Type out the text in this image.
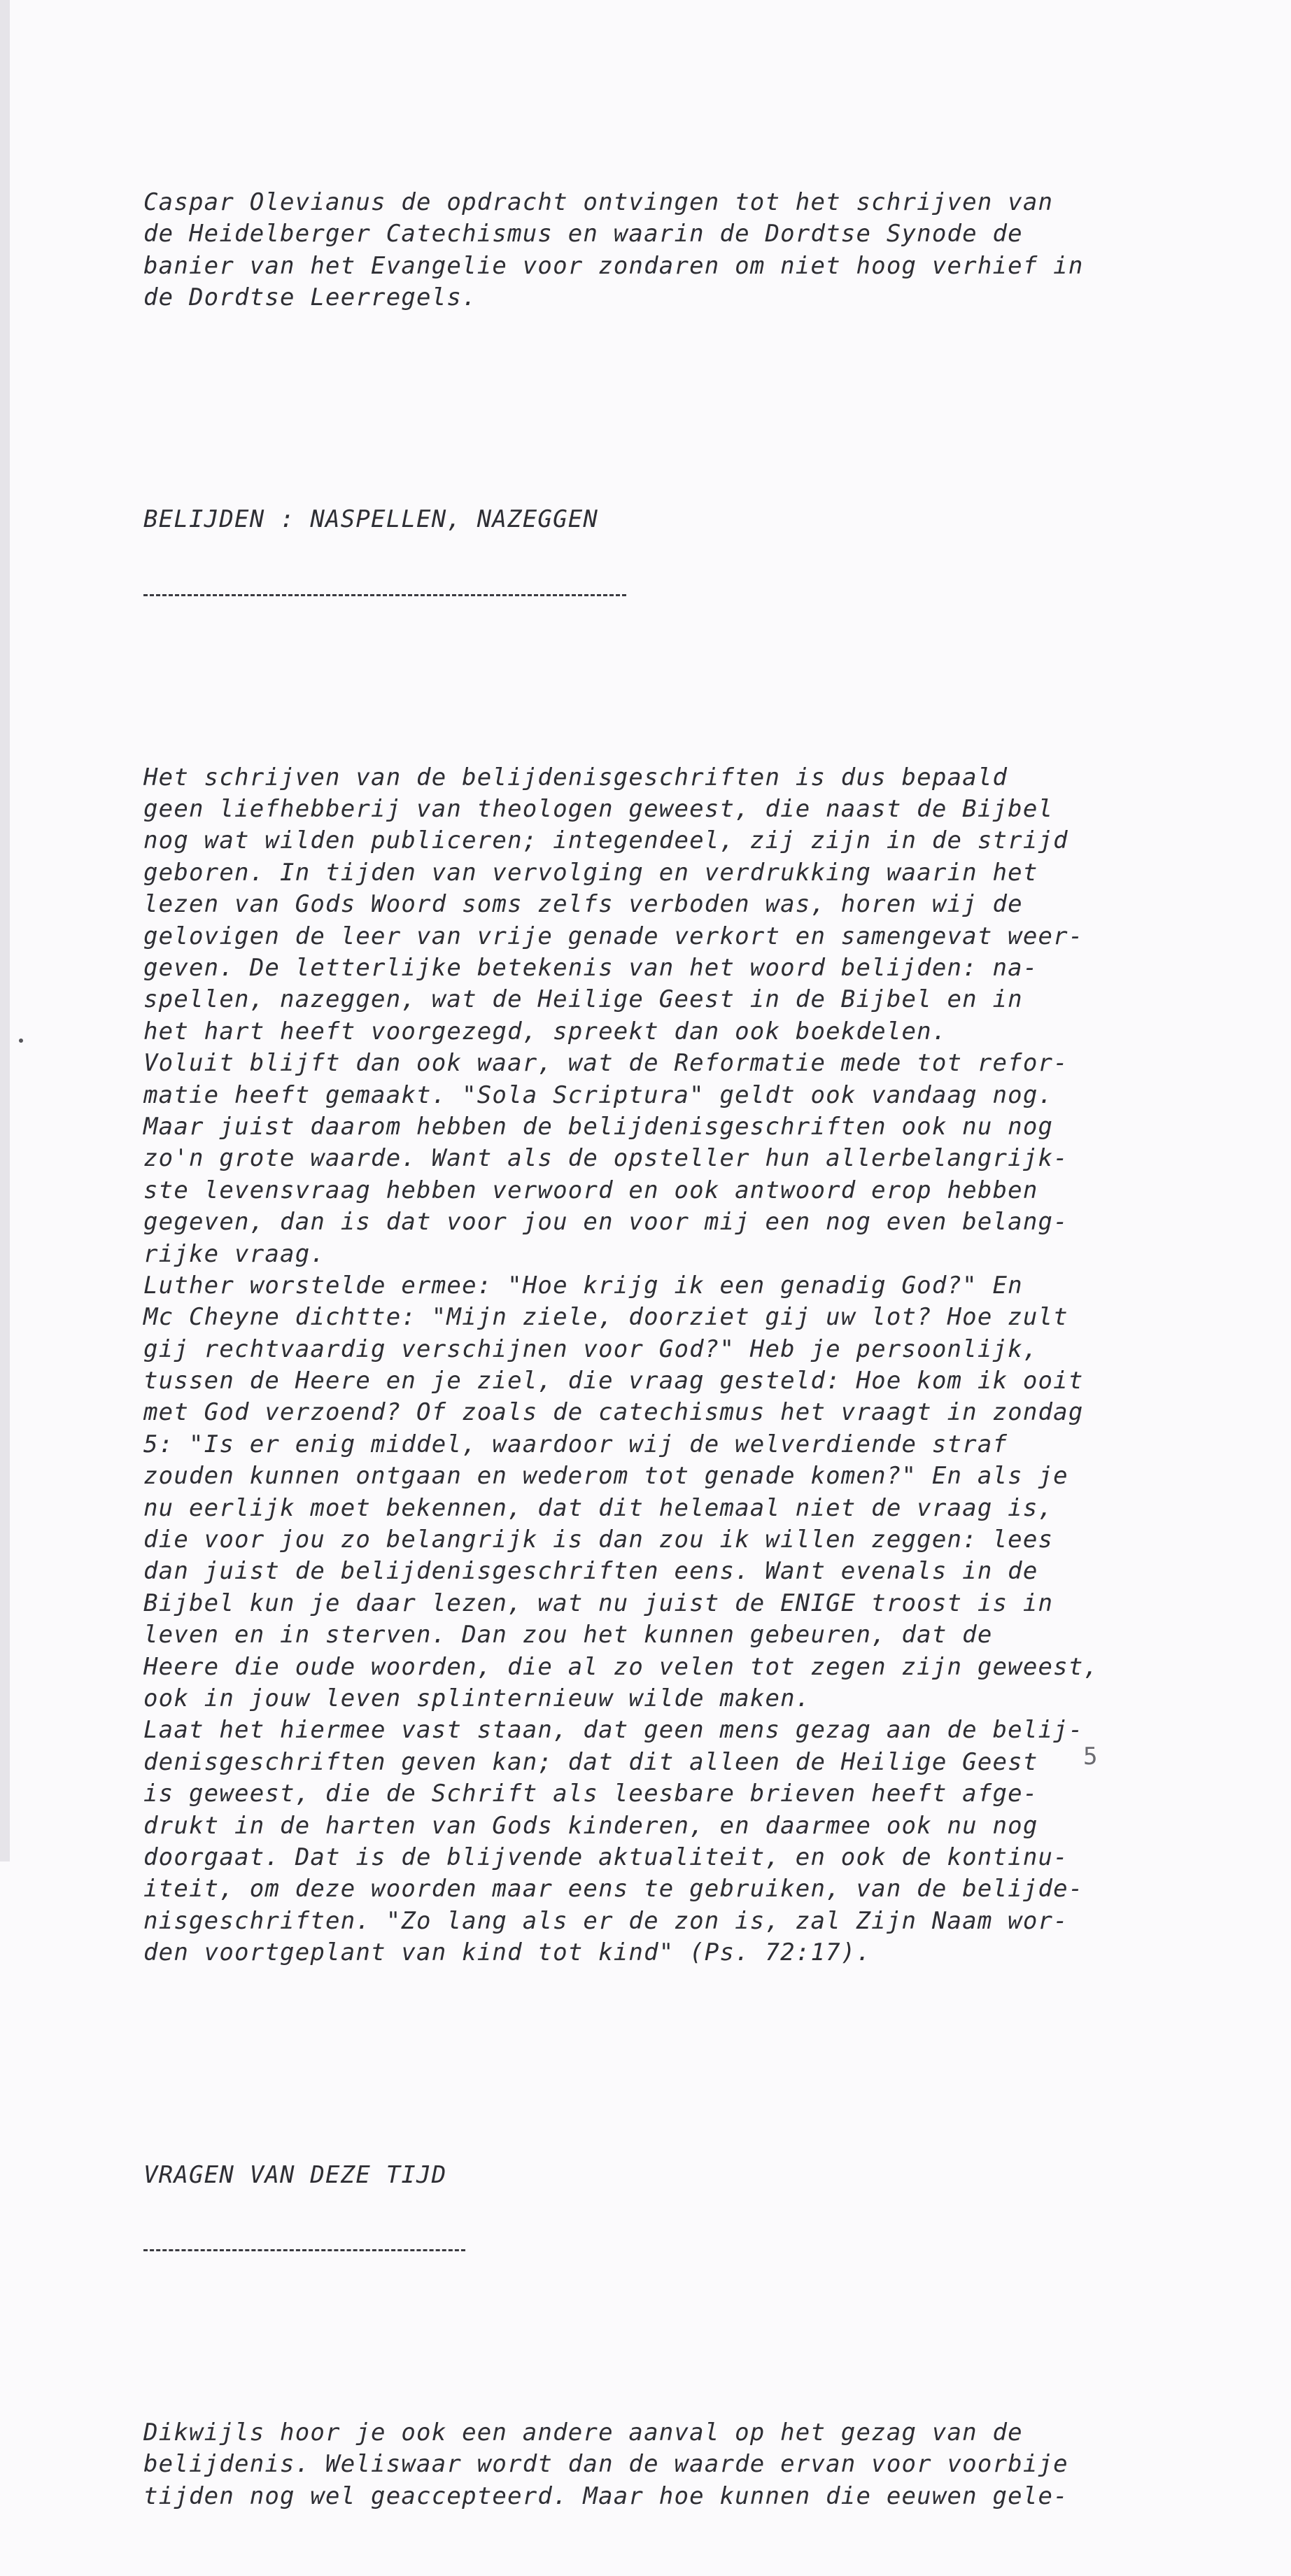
Caspar Olevianus de opdracht ontvingen tot het schrijven van
de Heidelberger Catechismus en waarin de Dordtse Synode de
banier van het Evangelie voor zondaren om niet hoog verhief in
de Dordtse Leerregels.

BELIJDEN : NASPELLEN, NAZEGGEN

Het schrijven van de belijdenisgeschriften is dus bepaald
geen liefhebberij van theologen geweest, die naast de Bijbel
nog wat wilden publiceren; integendeel, zij zijn in de strijd
geboren. In tijden van vervolging en verdrukking waarin het
lezen van Gods Woord soms zelfs verboden was, horen wij de
gelovigen de leer van vrije genade verkort en samengevat weer-
geven. De letterlijke betekenis van het woord belijden: na-
spellen, nazeggen, wat de Heilige Geest in de Bijbel en in
het hart heeft voorgezegd, spreekt dan ook boekdelen.
Voluit blijft dan ook waar, wat de Reformatie mede tot refor-
matie heeft gemaakt. "Sola Scriptura" geldt ook vandaag nog.
Maar juist daarom hebben de belijdenisgeschriften ook nu nog
zo'n grote waarde. Want als de opsteller hun allerbelangrijk-
ste levensvraag hebben verwoord en ook antwoord erop hebben
gegeven, dan is dat voor jou en voor mij een nog even belang-
rijke vraag.
Luther worstelde ermee: "Hoe krijg ik een genadig God?" En
Mc Cheyne dichtte: "Mijn ziele, doorziet gij uw lot? Hoe zult
gij rechtvaardig verschijnen voor God?" Heb je persoonlijk,
tussen de Heere en je ziel, die vraag gesteld: Hoe kom ik ooit
met God verzoend? Of zoals de catechismus het vraagt in zondag
5: "Is er enig middel, waardoor wij de welverdiende straf
zouden kunnen ontgaan en wederom tot genade komen?" En als je
nu eerlijk moet bekennen, dat dit helemaal niet de vraag is,
die voor jou zo belangrijk is dan zou ik willen zeggen: lees
dan juist de belijdenisgeschriften eens. Want evenals in de
Bijbel kun je daar lezen, wat nu juist de ENIGE troost is in
leven en in sterven. Dan zou het kunnen gebeuren, dat de
Heere die oude woorden, die al zo velen tot zegen zijn geweest,
ook in jouw leven splinternieuw wilde maken.
Laat het hiermee vast staan, dat geen mens gezag aan de belij-
denisgeschriften geven kan; dat dit alleen de Heilige Geest
is geweest, die de Schrift als leesbare brieven heeft afge-
drukt in de harten van Gods kinderen, en daarmee ook nu nog
doorgaat. Dat is de blijvende aktualiteit, en ook de kontinu-
iteit, om deze woorden maar eens te gebruiken, van de belijde-
nisgeschriften. "Zo lang als er de zon is, zal Zijn Naam wor-
den voortgeplant van kind tot kind" (Ps. 72:17).

VRAGEN VAN DEZE TIJD

Dikwijls hoor je ook een andere aanval op het gezag van de
belijdenis. Weliswaar wordt dan de waarde ervan voor voorbije
tijden nog wel geaccepteerd. Maar hoe kunnen die eeuwen gele-

5
